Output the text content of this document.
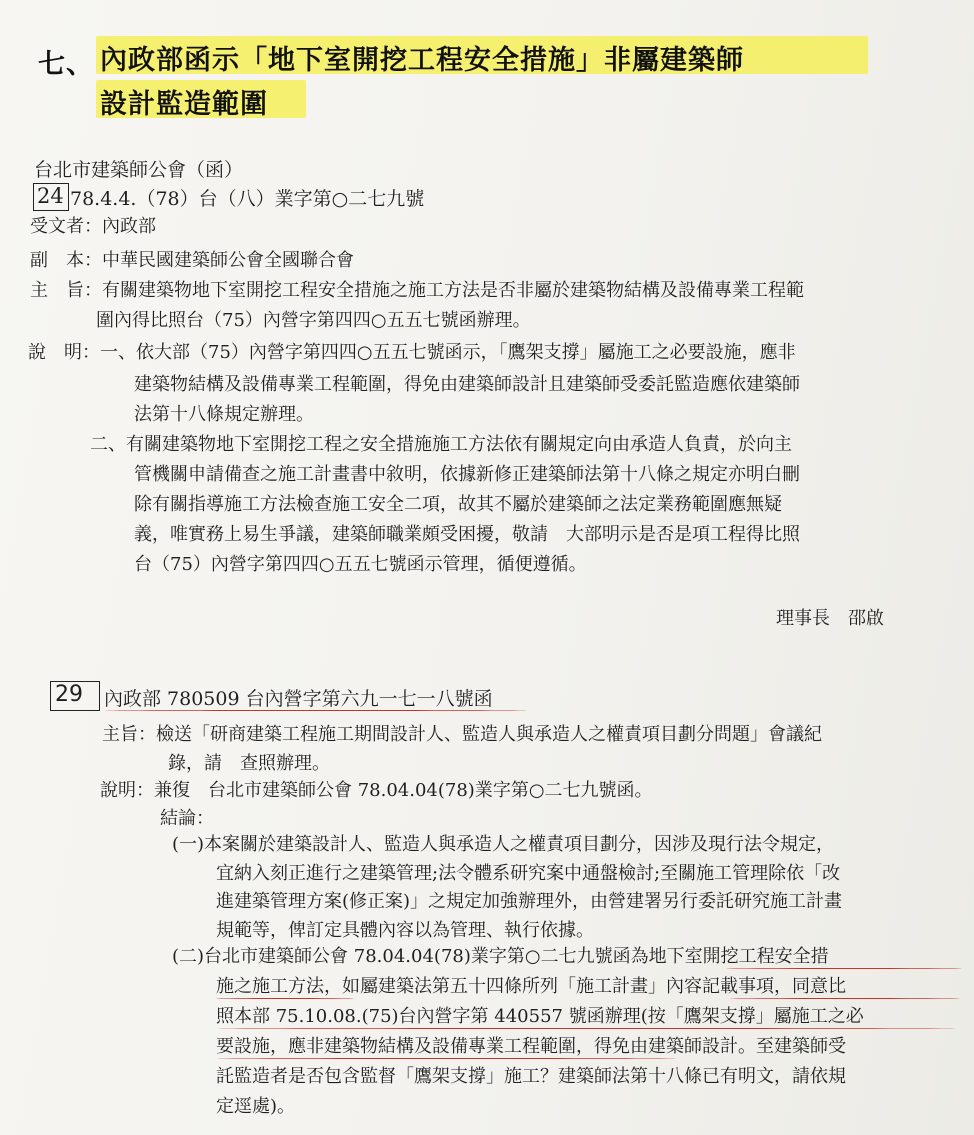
七、 內政部函示「地下室開挖工程安全措施」非屬建築師
設計監造範圍
台北市建築師公會（函）
24 78.4.4.（78）台（八）業字第○二七九號
受文者：內政部
副　本：中華民國建築師公會全國聯合會
主　旨：有關建築物地下室開挖工程安全措施之施工方法是否非屬於建築物結構及設備專業工程範
圍內得比照台（75）內營字第四四○五五七號函辦理。
說　明：一、依大部（75）內營字第四四○五五七號函示，「鷹架支撐」屬施工之必要設施，應非
建築物結構及設備專業工程範圍，得免由建築師設計且建築師受委託監造應依建築師
法第十八條規定辦理。
二、有關建築物地下室開挖工程之安全措施施工方法依有關規定向由承造人負責，於向主
管機關申請備查之施工計畫書中敘明，依據新修正建築師法第十八條之規定亦明白刪
除有關指導施工方法檢查施工安全二項，故其不屬於建築師之法定業務範圍應無疑
義，唯實務上易生爭議，建築師職業頗受困擾，敬請　大部明示是否是項工程得比照
台（75）內營字第四四○五五七號函示管理，循便遵循。
理事長　邵啟
29 內政部 780509 台內營字第六九一七一八號函
主旨：檢送「研商建築工程施工期間設計人、監造人與承造人之權責項目劃分問題」會議紀
錄，請　查照辦理。
說明：兼復　台北市建築師公會 78.04.04(78)業字第○二七九號函。
結論：
(一)本案關於建築設計人、監造人與承造人之權責項目劃分，因涉及現行法令規定，
宜納入刻正進行之建築管理;法令體系研究案中通盤檢討;至關施工管理除依「改
進建築管理方案(修正案)」之規定加強辦理外，由營建署另行委託研究施工計畫
規範等，俾訂定具體內容以為管理、執行依據。
(二)台北市建築師公會 78.04.04(78)業字第○二七九號函為地下室開挖工程安全措
施之施工方法，如屬建築法第五十四條所列「施工計畫」內容記載事項，同意比
照本部 75.10.08.(75)台內營字第 440557 號函辦理(按「鷹架支撐」屬施工之必
要設施，應非建築物結構及設備專業工程範圍，得免由建築師設計。至建築師受
託監造者是否包含監督「鷹架支撐」施工？建築師法第十八條已有明文，請依規
定逕處)。
